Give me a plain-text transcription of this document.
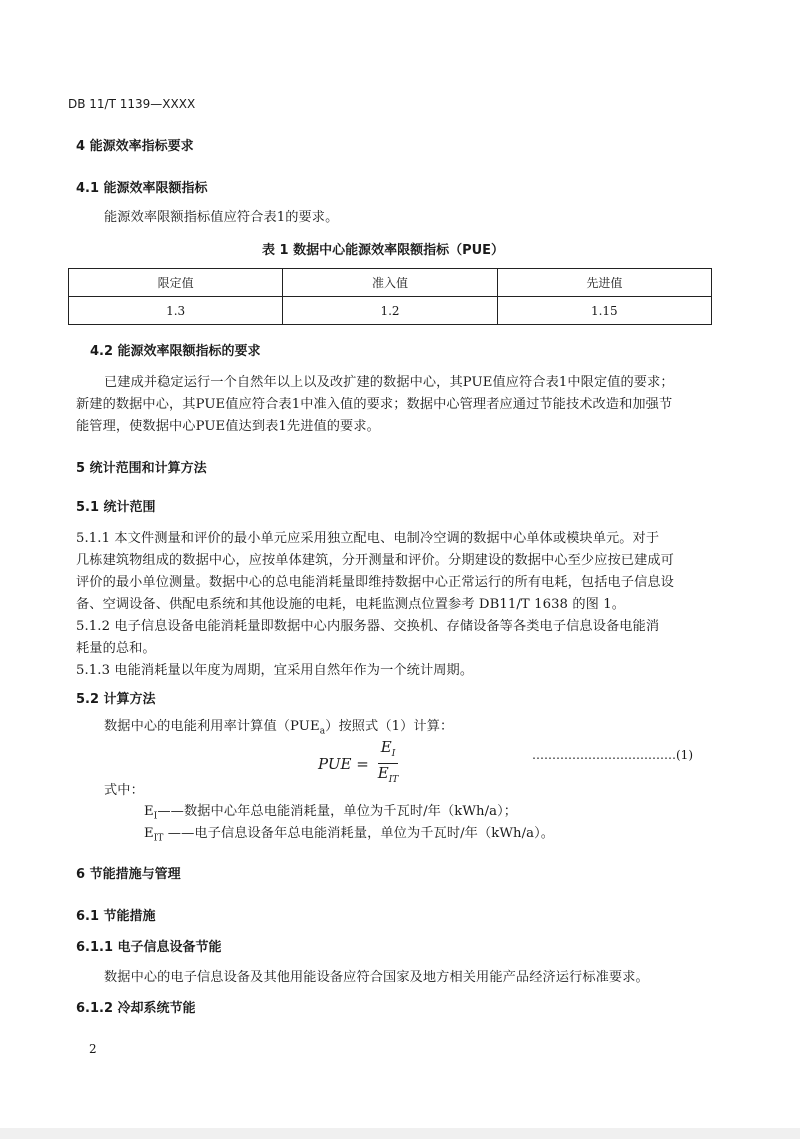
DB 11/T 1139—XXXX
4 能源效率指标要求
4.1 能源效率限额指标
能源效率限额指标值应符合表1的要求。
表 1 数据中心能源效率限额指标（PUE）
限定值	准入值	先进值
1.3	1.2	1.15
4.2 能源效率限额指标的要求
已建成并稳定运行一个自然年以上以及改扩建的数据中心，其PUE值应符合表1中限定值的要求；
新建的数据中心，其PUE值应符合表1中准入值的要求；数据中心管理者应通过节能技术改造和加强节
能管理，使数据中心PUE值达到表1先进值的要求。
5 统计范围和计算方法
5.1 统计范围
5.1.1 本文件测量和评价的最小单元应采用独立配电、电制冷空调的数据中心单体或模块单元。对于
几栋建筑物组成的数据中心，应按单体建筑，分开测量和评价。分期建设的数据中心至少应按已建成可
评价的最小单位测量。数据中心的总电能消耗量即维持数据中心正常运行的所有电耗，包括电子信息设
备、空调设备、供配电系统和其他设施的电耗，电耗监测点位置参考 DB11/T 1638 的图 1。
5.1.2 电子信息设备电能消耗量即数据中心内服务器、交换机、存储设备等各类电子信息设备电能消
耗量的总和。
5.1.3 电能消耗量以年度为周期，宜采用自然年作为一个统计周期。
5.2 计算方法
数据中心的电能利用率计算值$(PUE_a)$按照式（1）计算：
PUE = $\frac{E_I}{E_{IT}}$	………………………………(1)
式中：
$E_I——$数据中心年总电能消耗量，单位为千瓦时/年（kWh/a）；
$E_{IT}$ ——电子信息设备年总电能消耗量，单位为千瓦时/年（kWh/a）。
6 节能措施与管理
6.1 节能措施
6.1.1 电子信息设备节能
数据中心的电子信息设备及其他用能设备应符合国家及地方相关用能产品经济运行标准要求。
6.1.2 冷却系统节能
2
